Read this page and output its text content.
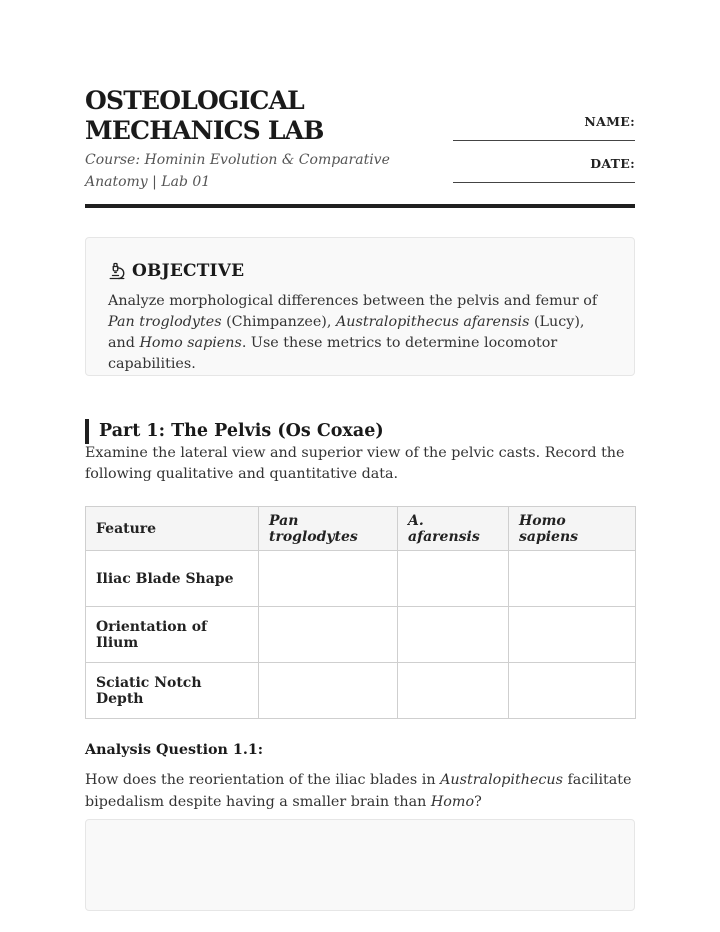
OSTEOLOGICAL
MECHANICS LAB
Course: Hominin Evolution & Comparative Anatomy | Lab 01
NAME:
DATE:
OBJECTIVE

Analyze morphological differences between the pelvis and femur of Pan troglodytes (Chimpanzee), Australopithecus afarensis (Lucy), and Homo sapiens. Use these metrics to determine locomotor capabilities.

Part 1: The Pelvis (Os Coxae)

Examine the lateral view and superior view of the pelvic casts. Record the following qualitative and quantitative data.

Feature	Pan troglodytes	A. afarensis	Homo sapiens
Iliac Blade Shape			
Orientation of Ilium			
Sciatic Notch Depth			
Analysis Question 1.1:

How does the reorientation of the iliac blades in Australopithecus facilitate bipedalism despite having a smaller brain than Homo?
